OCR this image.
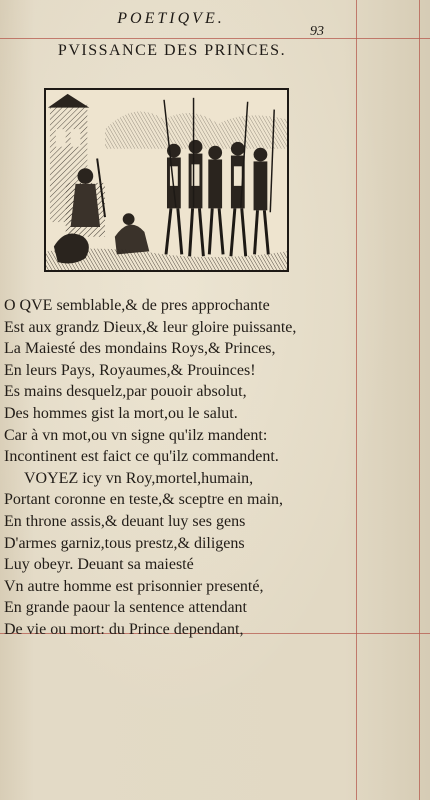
POETIQVE.
93
PVISSANCE DES PRINCES.
O QVE semblable,& de pres approchante
Est aux grandz Dieux,& leur gloire puissante,
La Maiesté des mondains Roys,& Princes,
En leurs Pays, Royaumes,& Prouinces!
Es mains desquelz,par pouoir absolut,
Des hommes gist la mort,ou le salut.
Car à vn mot,ou vn signe qu'ilz mandent:
Incontinent est faict ce qu'ilz commandent.
VOYEZ icy vn Roy,mortel,humain,
Portant coronne en teste,& sceptre en main,
En throne assis,& deuant luy ses gens
D'armes garniz,tous prestz,& diligens
Luy obeyr. Deuant sa maiesté
Vn autre homme est prisonnier presenté,
En grande paour la sentence attendant
De vie ou mort: du Prince dependant,
